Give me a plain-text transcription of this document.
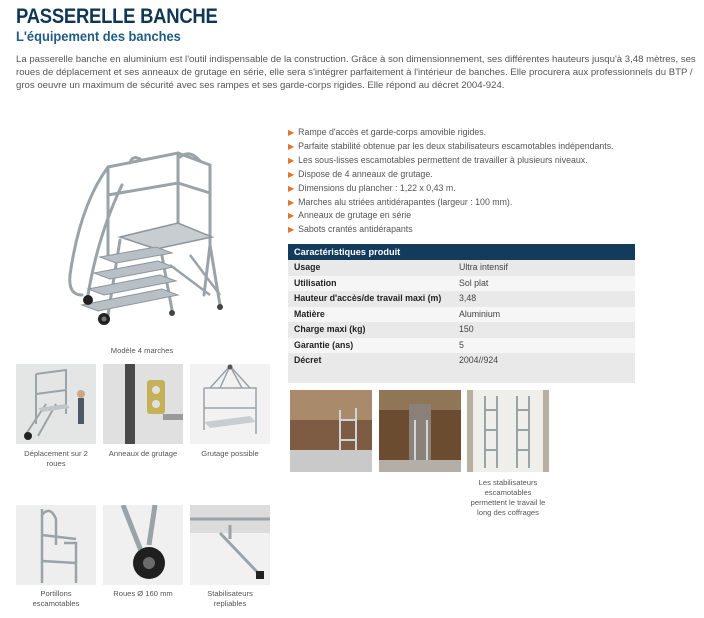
PASSERELLE BANCHE
L'équipement des banches
La passerelle banche en aluminium est l'outil indispensable de la construction. Grâce à son dimensionnement, ses différentes hauteurs jusqu'à 3,48 mètres, ses roues de déplacement et ses anneaux de grutage en série, elle sera s'intégrer parfaitement à l'intérieur de banches. Elle procurera aux professionnels du BTP / gros oeuvre un maximum de sécurité avec ses rampes et ses garde-corps rigides. Elle répond au décret 2004-924.
Modèle 4 marches
▶ Rampe d'accès et garde-corps amovible rigides.
▶ Parfaite stabilité obtenue par les deux stabilisateurs escamotables indépendants.
▶ Les sous-lisses escamotables permettent de travailler à plusieurs niveaux.
▶ Dispose de 4 anneaux de grutage.
▶ Dimensions du plancher : 1,22 x 0,43 m.
▶ Marches alu striées antidérapantes (largeur : 100 mm).
▶ Anneaux de grutage en série
▶ Sabots crantés antidérapants
Caractéristiques produit
Usage	Ultra intensif
Utilisation	Sol plat
Hauteur d'accès/de travail maxi (m)	3,48
Matière	Aluminium
Charge maxi (kg)	150
Garantie (ans)	5
Décret	2004//924
Déplacement sur 2
roues
Anneaux de grutage	Grutage possible
Portillons
escamotables
Roues Ø 160 mm	Stabilisateurs
repliables
Les stabilisateurs
escamotables
permettent le travail le
long des coffrages
